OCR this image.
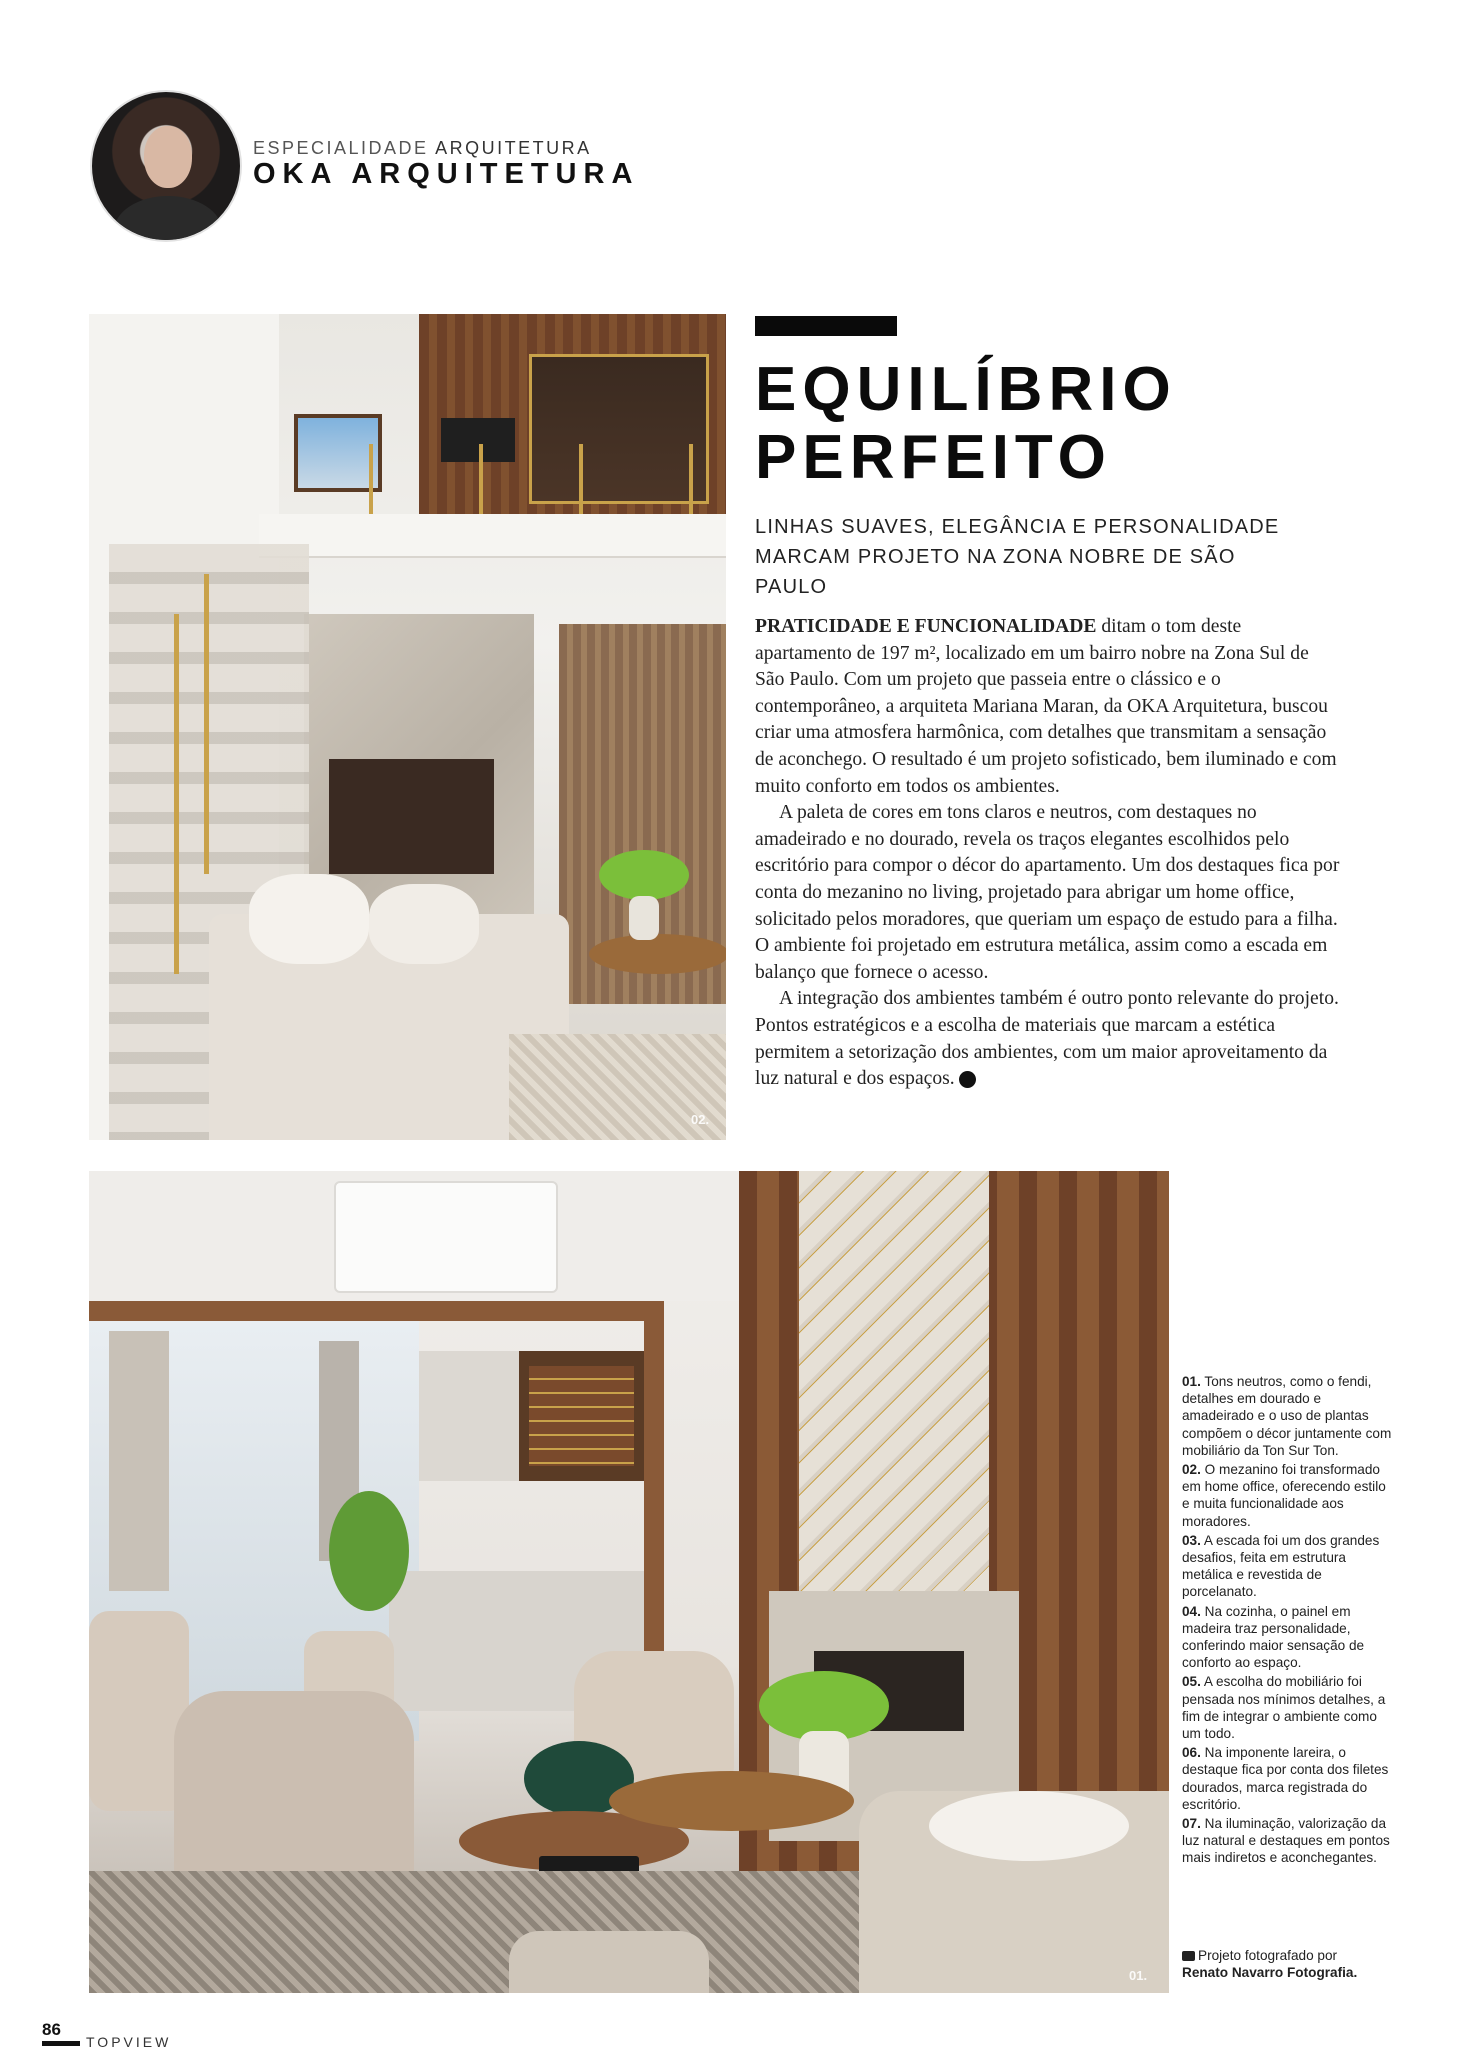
ESPECIALIDADE ARQUITETURA
OKA ARQUITETURA
02.
EQUILÍBRIO
PERFEITO
LINHAS SUAVES, ELEGÂNCIA E PERSONALIDADE MARCAM PROJETO NA ZONA NOBRE DE SÃO PAULO

PRATICIDADE E FUNCIONALIDADE ditam o tom deste apartamento de 197 m², localizado em um bairro nobre na Zona Sul de São Paulo. Com um projeto que passeia entre o clássico e o contemporâneo, a arquiteta Mariana Maran, da OKA Arquitetura, buscou criar uma atmosfera harmônica, com detalhes que transmitam a sensação de aconchego. O resultado é um projeto sofisticado, bem iluminado e com muito conforto em todos os ambientes.

A paleta de cores em tons claros e neutros, com destaques no amadeirado e no dourado, revela os traços elegantes escolhidos pelo escritório para compor o décor do apartamento. Um dos destaques fica por conta do mezanino no living, projetado para abrigar um home office, solicitado pelos moradores, que queriam um espaço de estudo para a filha. O ambiente foi projetado em estrutura metálica, assim como a escada em balanço que fornece o acesso.

A integração dos ambientes também é outro ponto relevante do projeto. Pontos estratégicos e a escolha de materiais que marcam a estética permitem a setorização dos ambientes, com um maior aproveitamento da luz natural e dos espaços.	V

01.
01. Tons neutros, como o fendi, detalhes em dourado e amadeirado e o uso de plantas compõem o décor juntamente com mobiliário da Ton Sur Ton.
02. O mezanino foi transformado em home office, oferecendo estilo e muita funcionalidade aos moradores.
03. A escada foi um dos grandes desafios, feita em estrutura metálica e revestida de porcelanato.
04. Na cozinha, o painel em madeira traz personalidade, conferindo maior sensação de conforto ao espaço.
05. A escolha do mobiliário foi pensada nos mínimos detalhes, a fim de integrar o ambiente como um todo.
06. Na imponente lareira, o destaque fica por conta dos filetes dourados, marca registrada do escritório.
07. Na iluminação, valorização da luz natural e destaques em pontos mais indiretos e aconchegantes.
Projeto fotografado por Renato Navarro Fotografia.
86
TOPVIEW
